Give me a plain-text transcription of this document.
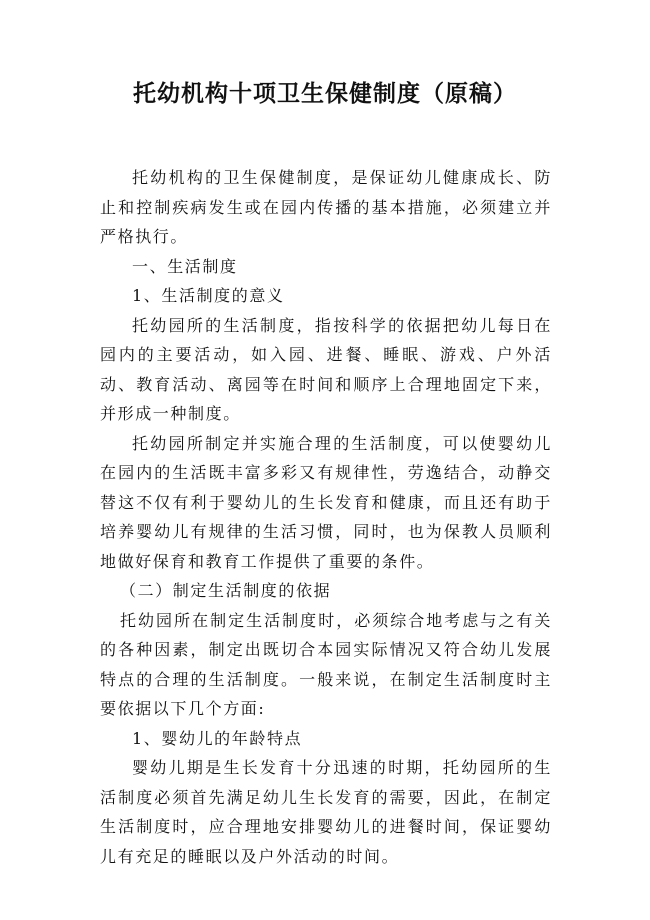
托幼机构十项卫生保健制度（原稿）

托幼机构的卫生保健制度，是保证幼儿健康成长、防止和控制疾病发生或在园内传播的基本措施，必须建立并严格执行。

一、生活制度

1、生活制度的意义

托幼园所的生活制度，指按科学的依据把幼儿每日在园内的主要活动，如入园、进餐、睡眠、游戏、户外活动、教育活动、离园等在时间和顺序上合理地固定下来，并形成一种制度。

托幼园所制定并实施合理的生活制度，可以使婴幼儿在园内的生活既丰富多彩又有规律性，劳逸结合，动静交替这不仅有利于婴幼儿的生长发育和健康，而且还有助于培养婴幼儿有规律的生活习惯，同时，也为保教人员顺利地做好保育和教育工作提供了重要的条件。

（二）制定生活制度的依据

托幼园所在制定生活制度时，必须综合地考虑与之有关的各种因素，制定出既切合本园实际情况又符合幼儿发展特点的合理的生活制度。一般来说，在制定生活制度时主要依据以下几个方面:

1、婴幼儿的年龄特点

婴幼儿期是生长发育十分迅速的时期，托幼园所的生活制度必须首先满足幼儿生长发育的需要，因此，在制定生活制度时，应合理地安排婴幼儿的进餐时间，保证婴幼儿有充足的睡眠以及户外活动的时间。
